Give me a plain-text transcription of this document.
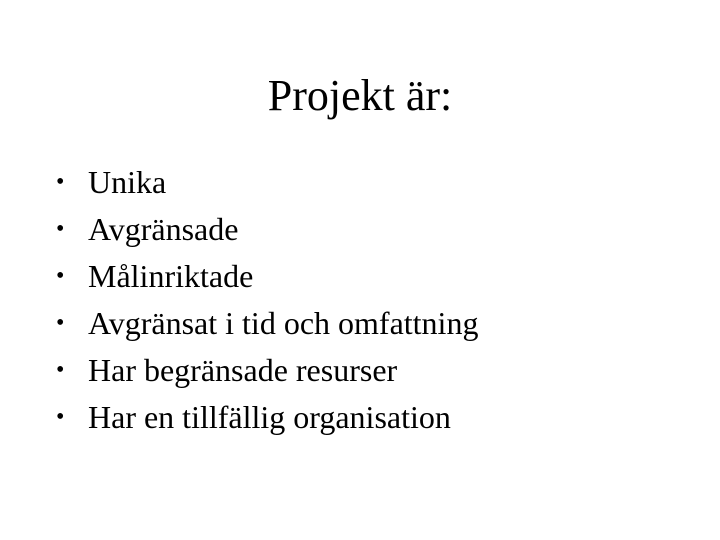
Projekt är:
• Unika
• Avgränsade
• Målinriktade
• Avgränsat i tid och omfattning
• Har begränsade resurser
• Har en tillfällig organisation
